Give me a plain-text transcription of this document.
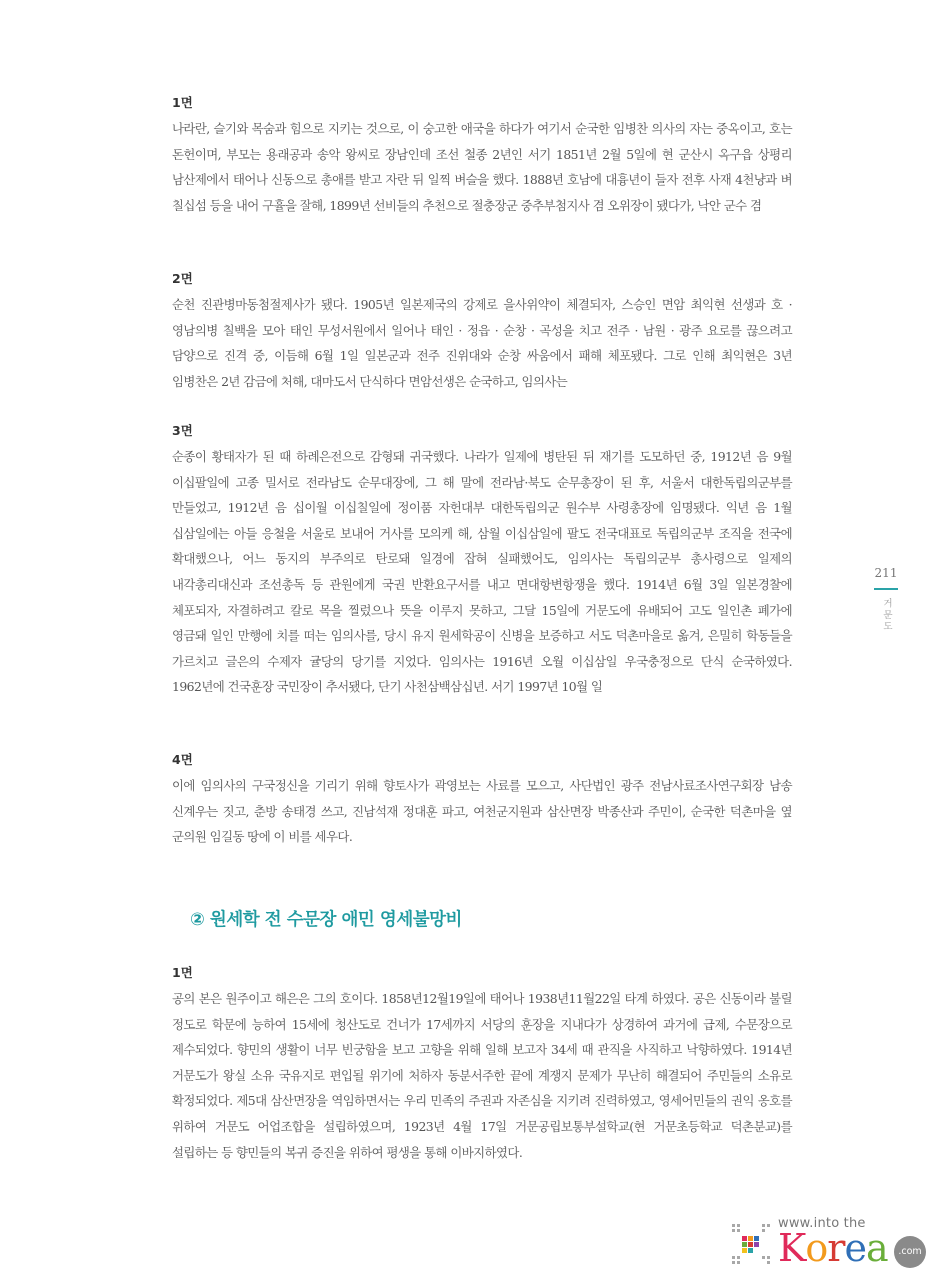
1면
나라란, 슬기와 목숨과 힘으로 지키는 것으로, 이 숭고한 애국을 하다가 여기서 순국한 임병찬 의사의 자는 중옥이고, 호는 돈헌이며, 부모는 용래공과 송악 왕씨로 장남인데 조선 철종 2년인 서기 1851년 2월 5일에 현 군산시 옥구읍 상평리 남산제에서 태어나 신동으로 총애를 받고 자란 뒤 일찍 벼슬을 했다. 1888년 호남에 대흉년이 들자 전후 사재 4천냥과 벼 칠십섬 등을 내어 구휼을 잘해, 1899년 선비들의 추천으로 절충장군 중추부첨지사 겸 오위장이 됐다가, 낙안 군수 겸
2면
순천 진관병마동첨절제사가 됐다. 1905년 일본제국의 강제로 을사위약이 체결되자, 스승인 면암 최익현 선생과 호 · 영남의병 칠백을 모아 태인 무성서원에서 일어나 태인 · 정읍 · 순창 · 곡성을 치고 전주 · 남원 · 광주 요로를 끊으려고 담양으로 진격 중, 이듬해 6월 1일 일본군과 전주 진위대와 순창 싸움에서 패해 체포됐다. 그로 인해 최익현은 3년 임병찬은 2년 감금에 처해, 대마도서 단식하다 면암선생은 순국하고, 임의사는
3면
순종이 황태자가 된 때 하례은전으로 감형돼 귀국했다. 나라가 일제에 병탄된 뒤 재기를 도모하던 중, 1912년 음 9월 이십팔일에 고종 밀서로 전라남도 순무대장에, 그 해 말에 전라남·북도 순무총장이 된 후, 서울서 대한독립의군부를 만들었고, 1912년 음 십이월 이십칠일에 정이품 자헌대부 대한독립의군 원수부 사령총장에 임명됐다. 익년 음 1월 십삼일에는 아들 응철을 서울로 보내어 거사를 모의케 해, 삼월 이십삼일에 팔도 전국대표로 독립의군부 조직을 전국에 확대했으나, 어느 동지의 부주의로 탄로돼 일경에 잡혀 실패했어도, 임의사는 독립의군부 총사령으로 일제의 내각총리대신과 조선총독 등 관원에게 국권 반환요구서를 내고 면대항변항쟁을 했다. 1914년 6월 3일 일본경찰에 체포되자, 자결하려고 칼로 목을 찔렀으나 뜻을 이루지 못하고, 그달 15일에 거문도에 유배되어 고도 일인촌 폐가에 영금돼 일인 만행에 치를 떠는 임의사를, 당시 유지 원세학공이 신병을 보증하고 서도 덕촌마을로 옮겨, 은밀히 학동들을 가르치고 글은의 수제자 귤당의 당기를 지었다. 임의사는 1916년 오월 이십삼일 우국충정으로 단식 순국하였다. 1962년에 건국훈장 국민장이 추서됐다, 단기 사천삼백삼십년. 서기 1997년 10월 일
4면
이에 임의사의 구국정신을 기리기 위해 향토사가 곽영보는 사료를 모으고, 사단법인 광주 전남사료조사연구회장 남송 신계우는 짓고, 춘방 송태경 쓰고, 진남석재 정대훈 파고, 여천군지원과 삼산면장 박종산과 주민이, 순국한 덕촌마을 옆 군의원 임길동 땅에 이 비를 세우다.
② 원세학 전 수문장 애민 영세불망비
1면
공의 본은 원주이고 해은은 그의 호이다. 1858년12월19일에 태어나 1938년11월22일 타계 하였다. 공은 신동이라 불릴 정도로 학문에 능하여 15세에 청산도로 건너가 17세까지 서당의 훈장을 지내다가 상경하여 과거에 급제, 수문장으로 제수되었다. 향민의 생활이 너무 빈궁함을 보고 고향을 위해 일해 보고자 34세 때 관직을 사직하고 낙향하였다. 1914년 거문도가 왕실 소유 국유지로 편입될 위기에 처하자 동분서주한 끝에 계쟁지 문제가 무난히 해결되어 주민들의 소유로 확정되었다. 제5대 삼산면장을 역임하면서는 우리 민족의 주권과 자존심을 지키려 진력하였고, 영세어민들의 권익 옹호를 위하여 거문도 어업조합을 설립하였으며, 1923년 4월 17일 거문공립보통부설학교(현 거문초등학교 덕촌분교)를 설립하는 등 향민들의 복귀 증진을 위하여 평생을 통해 이바지하였다.
211
거문도
www.into the
Korea	.com
